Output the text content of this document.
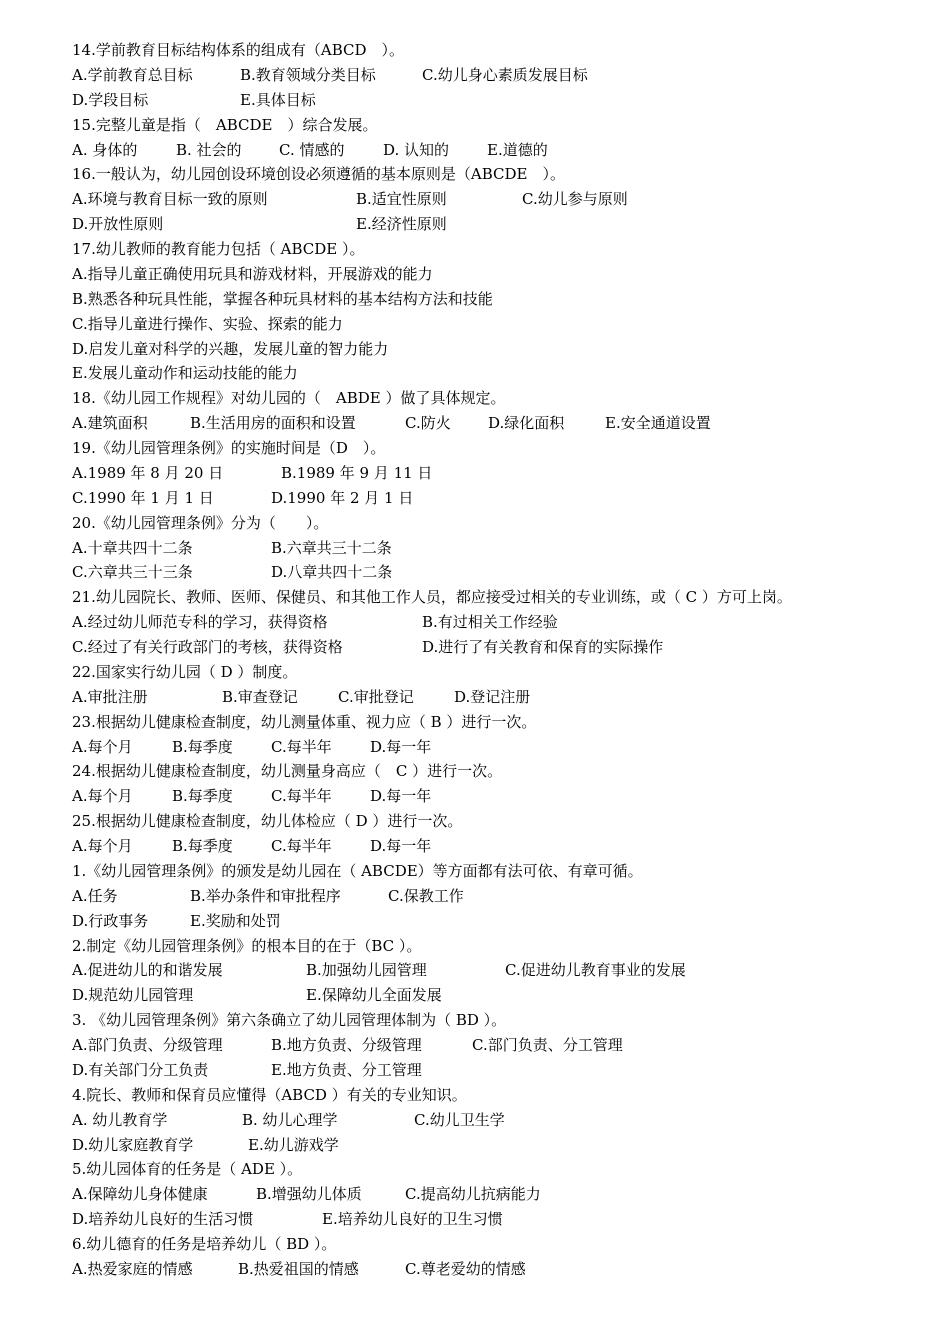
14.学前教育目标结构体系的组成有（ABCD　）。
A.学前教育总目标	B.教育领域分类目标	C.幼儿身心素质发展目标
D.学段目标	E.具体目标
15.完整儿童是指（　ABCDE　）综合发展。
A. 身体的	B. 社会的 C. 情感的	D. 认知的	E.道德的
16.一般认为，幼儿园创设环境创设必须遵循的基本原则是（ABCDE　）。
A.环境与教育目标一致的原则	B.适宜性原则	C.幼儿参与原则
D.开放性原则	E.经济性原则
17.幼儿教师的教育能力包括（ ABCDE ）。
A.指导儿童正确使用玩具和游戏材料，开展游戏的能力
B.熟悉各种玩具性能，掌握各种玩具材料的基本结构方法和技能
C.指导儿童进行操作、实验、探索的能力
D.启发儿童对科学的兴趣，发展儿童的智力能力
E.发展儿童动作和运动技能的能力
18.《幼儿园工作规程》对幼儿园的（　ABDE ）做了具体规定。
A.建筑面积	B.生活用房的面积和设置	C.防火 D.绿化面积	E.安全通道设置
19.《幼儿园管理条例》的实施时间是（D　）。
A.1989 年 8 月 20 日	B.1989 年 9 月 11 日
C.1990 年 1 月 1 日	D.1990 年 2 月 1 日
20.《幼儿园管理条例》分为（　　）。
A.十章共四十二条	B.六章共三十二条
C.六章共三十三条	D.八章共四十二条
21.幼儿园院长、教师、医师、保健员、和其他工作人员，都应接受过相关的专业训练，或（ C ）方可上岗。
A.经过幼儿师范专科的学习，获得资格	B.有过相关工作经验
C.经过了有关行政部门的考核，获得资格	D.进行了有关教育和保育的实际操作
22.国家实行幼儿园（ D ）制度。
A.审批注册	B.审查登记	C.审批登记	D.登记注册
23.根据幼儿健康检查制度，幼儿测量体重、视力应（ B ）进行一次。
A.每个月	B.每季度	C.每半年	D.每一年
24.根据幼儿健康检查制度，幼儿测量身高应（　C ）进行一次。
A.每个月	B.每季度	C.每半年	D.每一年
25.根据幼儿健康检查制度，幼儿体检应（ D ）进行一次。
A.每个月	B.每季度	C.每半年	D.每一年
1.《幼儿园管理条例》的颁发是幼儿园在（ ABCDE）等方面都有法可依、有章可循。
A.任务	B.举办条件和审批程序	C.保教工作
D.行政事务	E.奖励和处罚
2.制定《幼儿园管理条例》的根本目的在于（BC ）。
A.促进幼儿的和谐发展	B.加强幼儿园管理	C.促进幼儿教育事业的发展
D.规范幼儿园管理	E.保障幼儿全面发展
3. 《幼儿园管理条例》第六条确立了幼儿园管理体制为（ BD ）。
A.部门负责、分级管理	B.地方负责、分级管理	C.部门负责、分工管理
D.有关部门分工负责	E.地方负责、分工管理
4.院长、教师和保育员应懂得（ABCD ）有关的专业知识。
A. 幼儿教育学	B. 幼儿心理学	C.幼儿卫生学
D.幼儿家庭教育学	E.幼儿游戏学
5.幼儿园体育的任务是（ ADE ）。
A.保障幼儿身体健康	B.增强幼儿体质	C.提高幼儿抗病能力
D.培养幼儿良好的生活习惯	E.培养幼儿良好的卫生习惯
6.幼儿德育的任务是培养幼儿（ BD ）。
A.热爱家庭的情感	B.热爱祖国的情感	C.尊老爱幼的情感
